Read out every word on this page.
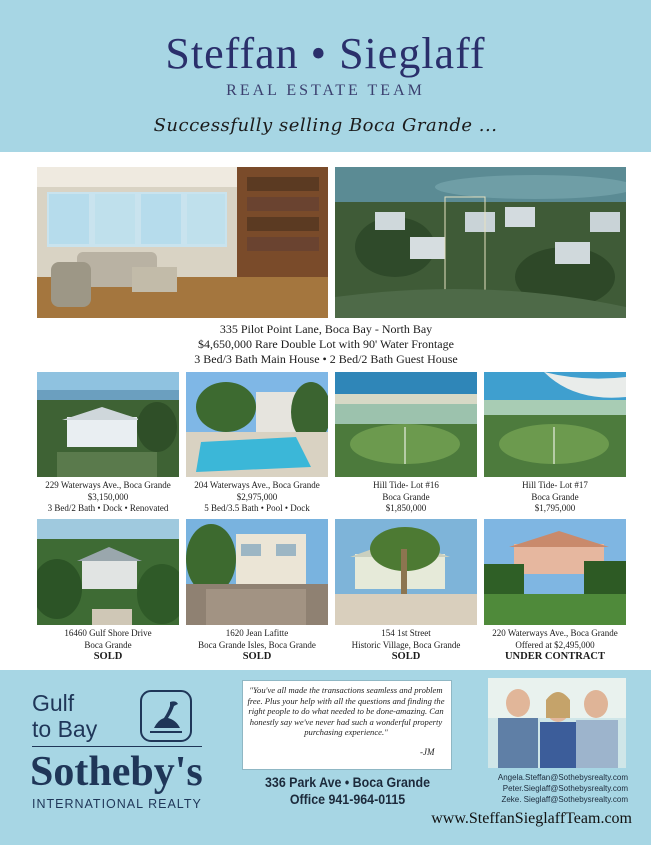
Steffan • Sieglaff
REAL ESTATE TEAM
Successfully selling Boca Grande ...
335 Pilot Point Lane, Boca Bay - North Bay
$4,650,000 Rare Double Lot with 90' Water Frontage
3 Bed/3 Bath Main House • 2 Bed/2 Bath Guest House
229 Waterways Ave., Boca Grande
$3,150,000
3 Bed/2 Bath • Dock • Renovated
204 Waterways Ave., Boca Grande
$2,975,000
5 Bed/3.5 Bath • Pool • Dock
Hill Tide- Lot #16
Boca Grande
$1,850,000
Hill Tide- Lot #17
Boca Grande
$1,795,000
16460 Gulf Shore Drive
Boca Grande
SOLD
1620 Jean Lafitte
Boca Grande Isles, Boca Grande
SOLD
154 1st Street
Historic Village, Boca Grande
SOLD
220 Waterways Ave., Boca Grande
Offered at $2,495,000
UNDER CONTRACT
Gulf
to Bay
Sotheby's
INTERNATIONAL REALTY
"You've all made the transactions seamless and problem free. Plus your help with all the questions and finding the right people to do what needed to be done-amazing. Can honestly say we've never had such a wonderful property purchasing experience."
-JM
336 Park Ave • Boca Grande
Office 941-964-0115
Angela.Steffan@Sothebysrealty.com
Peter.Sieglaff@Sothebysrealty.com
Zeke. Sieglaff@Sothebysrealty.com
www.SteffanSieglaffTeam.com
